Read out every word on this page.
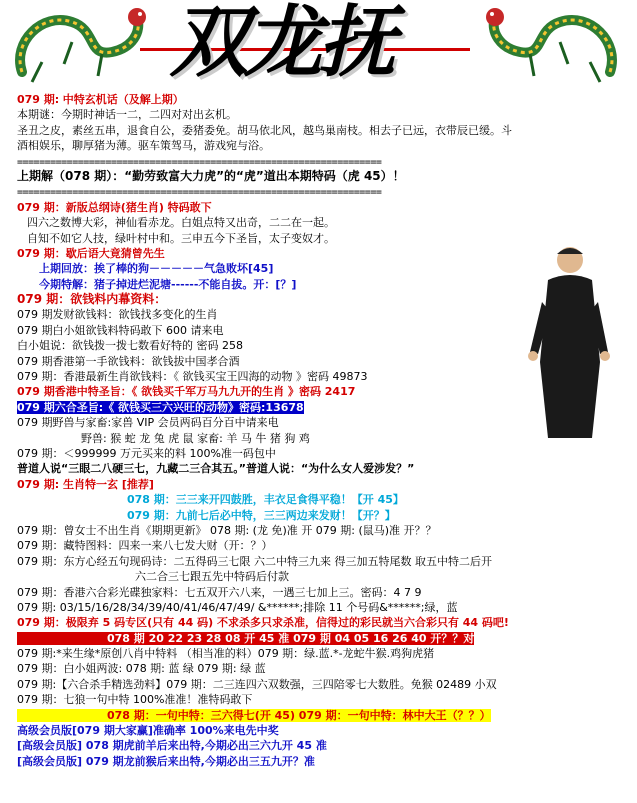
双龙抚
079 期: 中特玄机话（及解上期）
本期谜：今期时神话一二，二四对对出玄机。
圣丑之皮，素丝五串，退食自公，委猪委免。胡马依北风，越鸟巢南枝。相去子已远，衣带辰已缓。斗
酒相娱乐，聊厚猪为薄。驱车策驾马，游戏宛与浴。
==================================================================
上期解（078 期）：“勤劳致富大力虎”的“虎”道出本期特码（虎 45）！
==================================================================
079 期：新版总纲诗(猪生肖) 特码敢下
四六之数博大彩，神仙看赤龙。白姐点特又出奇，二二在一起。
自知不如它人技，绿叶村中和。三申五今下圣旨，太子变奴才。
079 期：歇后语大竟猜曾先生
上期回放：挨了棒的狗－－－－－气急败坏[45]
今期特解：猪子掉进烂泥塘------不能自拔。开：[？]
079 期：欲钱料内幕资料：
079 期发财欲钱料：欲钱找多变化的生肖
079 期白小姐欲钱料特码敢下 600 请来电
白小姐说：欲钱拨一拨七数看好特的 密码 258
079 期香港第一手欲钱料：欲钱拔中国孝合酒
079 期：香港最新生肖欲钱料：《 欲钱买宝王四海的动物 》密码 49873
079 期香港中特圣旨：《 欲钱买千军万马九九开的生肖 》密码 2417
079 期六合圣旨:《 欲钱买三六兴旺的动物》密码:13678
079 期野兽与家畜:家兽 VIP 会员两码百分百中请来电
野兽: 猴 蛇 龙 兔 虎 鼠 家畜: 羊 马 牛 猪 狗 鸡
079 期：＜999999 万元买来的料 100%准一码包中
普道人说“三眼二八硬三七，九藏二三合其五。”普道人说：“为什么女人爱涉发？”
079 期: 生肖特一玄 [推荐]
078 期：三三来开四鼓胜，丰衣足食得平稳！【开 45】
079 期：九前七后必中特，三三两边来发财！【开？】
079 期：曾女士不出生肖《期期更新》 078 期: (龙 免)准 开 079 期: (鼠马)准 开？？
079 期：藏特图料：四来一来八七发大财（开：？）
079 期：东方心经五句现码诗：二五得码三七限 六二中特三九来 得三加五特尾数 取五中特二后开
六二合三七跟五先中特码后付款
079 期：香港六合彩光碟独家料：七五双开六八来，一遇三七加上三。密码：4 7 9
079 期: 03/15/16/28/34/39/40/41/46/47/49/ &******;排除 11 个号码&******;绿，蓝
079 期：极限弃 5 码专区(只有 44 码) 不求杀多只求杀准，信得过的彩民就当六合彩只有 44 码吧!
078 期 20 22 23 28 08 开 45 准 079 期 04 05 16 26 40 开？？对
079 期:*来生缘*原创八肖中特料 （相当准的料）079 期：绿.蓝.*-龙蛇牛猴.鸡狗虎猪
079 期：白小姐两波: 078 期: 蓝 绿 079 期: 绿 蓝
079 期:【六合杀手精选劲料】079 期：二三连四六双数强，三四陪零七大数胜。免猴 02489 小双
079 期：七狼一句中特 100%准准！准特码敢下
078 期：一句中特：三六得七(开 45) 079 期：一句中特：林中大王（？？）
高级会员版[079 期大家赢]准确率 100%来电先中奖
[高级会员版] 078 期虎前羊后来出特,今期必出三六九开 45 准
[高级会员版] 079 期龙前猴后来出特,今期必出三五九开？准
